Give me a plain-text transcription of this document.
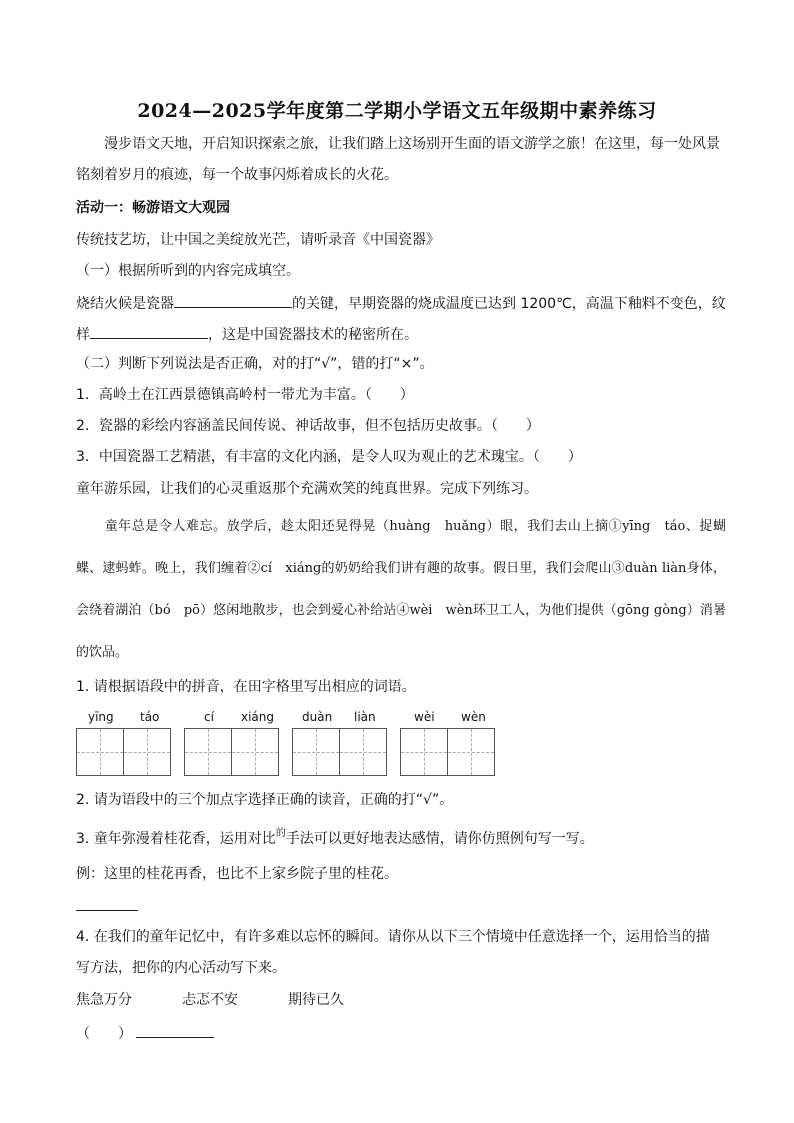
2024—2025学年度第二学期小学语文五年级期中素养练习
漫步语文天地，开启知识探索之旅，让我们踏上这场别开生面的语文游学之旅！在这里，每一处风景
铭刻着岁月的痕迹，每一个故事闪烁着成长的火花。
活动一：畅游语文大观园
传统技艺坊，让中国之美绽放光芒，请听录音《中国瓷器》
（一）根据所听到的内容完成填空。
烧结火候是瓷器	的关键，早期瓷器的烧成温度已达到 1200℃，高温下釉料不变色，纹
样	，这是中国瓷器技术的秘密所在。
（二）判断下列说法是否正确，对的打“√”，错的打“×”。
1．高岭土在江西景德镇高岭村一带尤为丰富。（　　）
2．瓷器的彩绘内容涵盖民间传说、神话故事，但不包括历史故事。（　　）
3．中国瓷器工艺精湛，有丰富的文化内涵，是令人叹为观止的艺术瑰宝。（　　）
童年游乐园，让我们的心灵重返那个充满欢笑的纯真世界。完成下列练习。
童年总是令人难忘。放学后，趁太阳还晃得晃（huàng　huǎng）眼，我们去山上摘①yīng　táo、捉蝴蝶、逮蚂蚱。晚上，我们缠着②cí　xiáng的奶奶给我们讲有趣的故事。假日里，我们会爬山③duàn liàn身体，会绕着湖泊（bó　pō）悠闲地散步，也会到爱心补给站④wèi　wèn环卫工人，为他们提供（gōng gòng）消暑的饮品。
1. 请根据语段中的拼音，在田字格里写出相应的词语。
yīng táo	cí xiáng duàn liàn	wèi wèn
2. 请为语段中的三个加点字选择正确的读音，正确的打“√”。
3. 童年弥漫着桂花香，运用对比$^的$手法可以更好地表达感情，请你仿照例句写一写。
例：这里的桂花再香，也比不上家乡院子里的桂花。
4. 在我们的童年记忆中，有许多难以忘怀的瞬间。请你从以下三个情境中任意选择一个，运用恰当的描
写方法，把你的内心活动写下来。
焦急万分	忐忑不安	期待已久
（　　）
